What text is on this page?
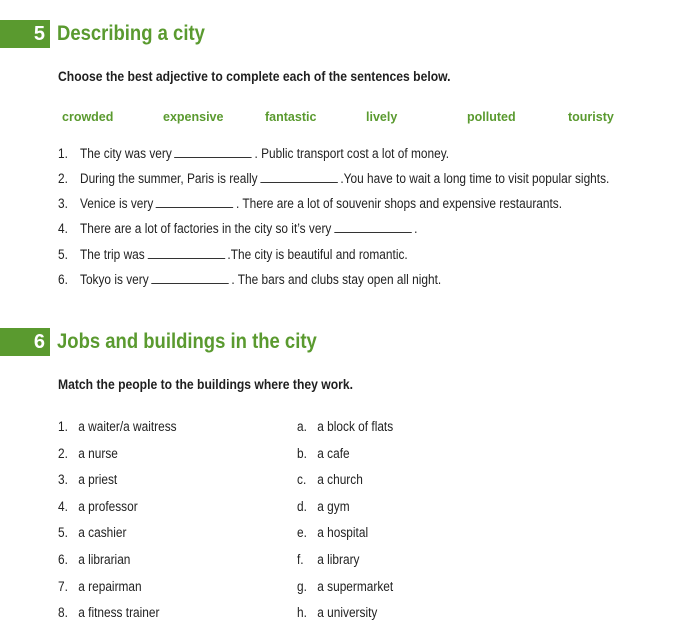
5 Describing a city
Choose the best adjective to complete each of the sentences below.
crowded	expensive	fantastic	lively	polluted	touristy
1. The city was very	. Public transport cost a lot of money.
2. During the summer, Paris is really	.You have to wait a long time to visit popular sights.
3. Venice is very	. There are a lot of souvenir shops and expensive restaurants.
4. There are a lot of factories in the city so it’s very	.
5. The trip was	.The city is beautiful and romantic.
6. Tokyo is very	. The bars and clubs stay open all night.
6 Jobs and buildings in the city
Match the people to the buildings where they work.
1. a waiter/a waitress
2. a nurse
3. a priest
4. a professor
5. a cashier
6. a librarian
7. a repairman
8. a fitness trainer
a. a block of flats
b. a cafe
c. a church
d. a gym
e. a hospital
f. a library
g. a supermarket
h. a university
